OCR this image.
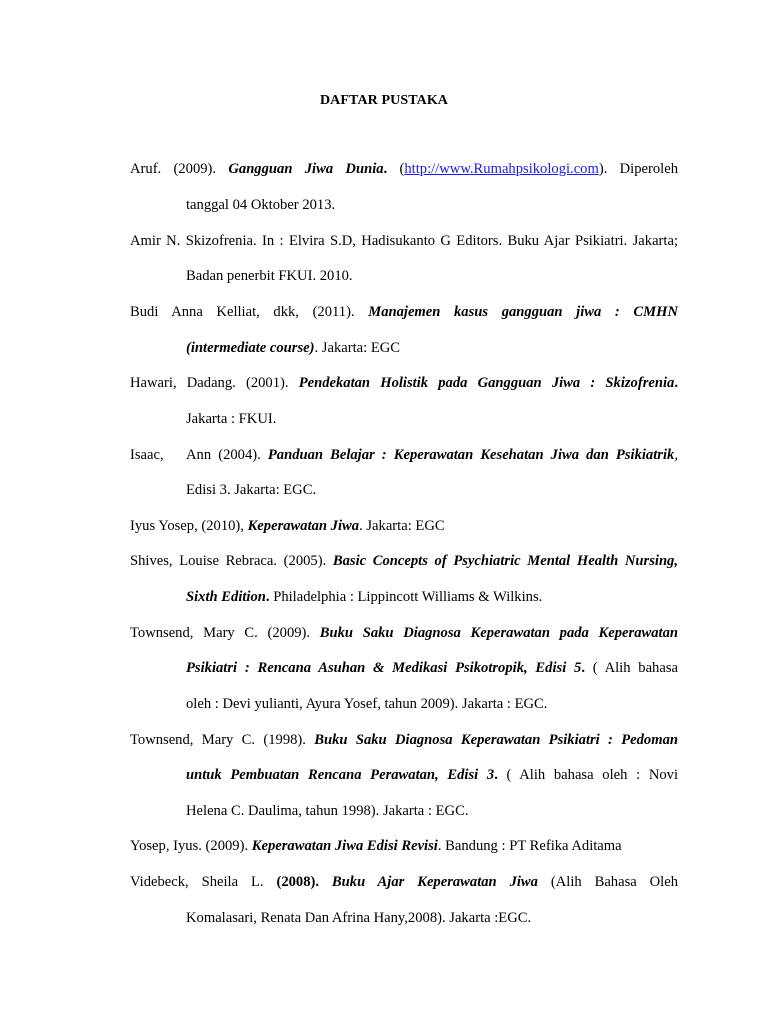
DAFTAR PUSTAKA
Aruf. (2009). Gangguan Jiwa Dunia. (http://www.Rumahpsikologi.com). Diperoleh
tanggal 04 Oktober 2013.
Amir N. Skizofrenia. In : Elvira S.D, Hadisukanto G Editors. Buku Ajar Psikiatri. Jakarta;
Badan penerbit FKUI. 2010.
Budi Anna Kelliat, dkk, (2011). Manajemen kasus gangguan jiwa : CMHN
(intermediate course). Jakarta: EGC
Hawari, Dadang. (2001). Pendekatan Holistik pada Gangguan Jiwa : Skizofrenia.
Jakarta : FKUI.
Isaac, Ann (2004). Panduan Belajar : Keperawatan Kesehatan Jiwa dan Psikiatrik,
Edisi 3. Jakarta: EGC.
Iyus Yosep, (2010), Keperawatan Jiwa. Jakarta: EGC
Shives, Louise Rebraca. (2005). Basic Concepts of Psychiatric Mental Health Nursing,
Sixth Edition. Philadelphia : Lippincott Williams & Wilkins.
Townsend, Mary C. (2009). Buku Saku Diagnosa Keperawatan pada Keperawatan
Psikiatri : Rencana Asuhan & Medikasi Psikotropik, Edisi 5. ( Alih bahasa
oleh : Devi yulianti, Ayura Yosef, tahun 2009). Jakarta : EGC.
Townsend, Mary C. (1998). Buku Saku Diagnosa Keperawatan Psikiatri : Pedoman
untuk Pembuatan Rencana Perawatan, Edisi 3. ( Alih bahasa oleh : Novi
Helena C. Daulima, tahun 1998). Jakarta : EGC.
Yosep, Iyus. (2009). Keperawatan Jiwa Edisi Revisi. Bandung : PT Refika Aditama
Videbeck, Sheila L. (2008). Buku Ajar Keperawatan Jiwa (Alih Bahasa Oleh
Komalasari, Renata Dan Afrina Hany,2008). Jakarta :EGC.
